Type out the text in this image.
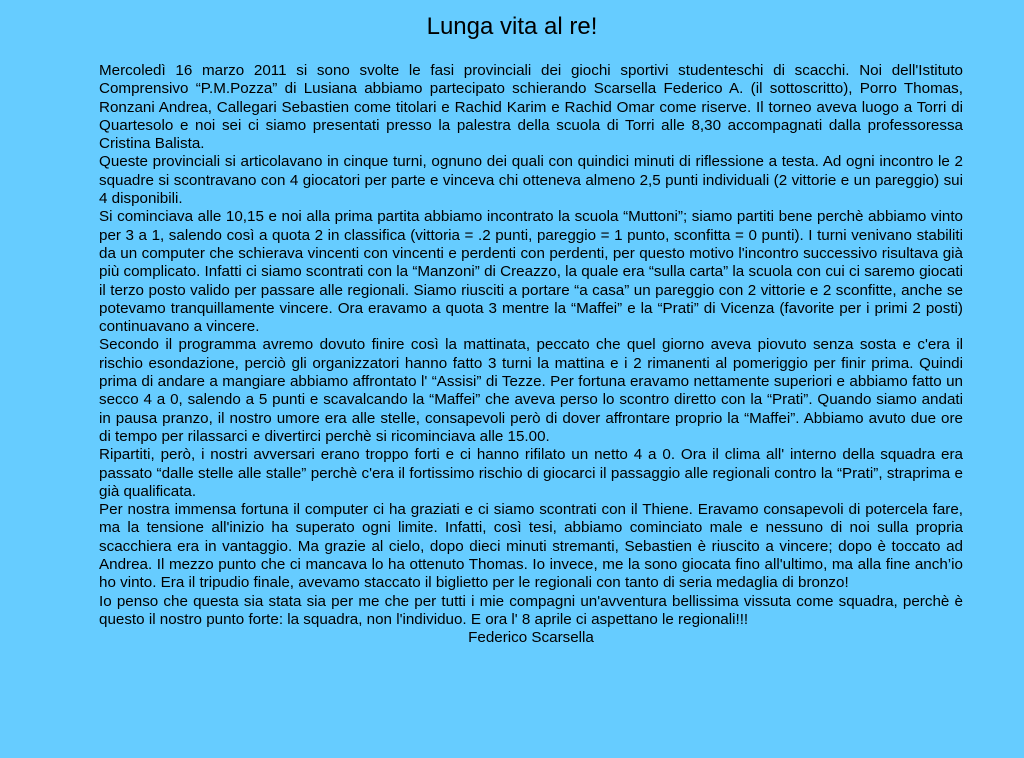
Lunga vita al re!

Mercoledì 16 marzo 2011 si sono svolte le fasi provinciali dei giochi sportivi studenteschi di scacchi. Noi dell'Istituto Comprensivo “P.M.Pozza” di Lusiana abbiamo partecipato schierando Scarsella Federico A. (il sottoscritto), Porro Thomas, Ronzani Andrea, Callegari Sebastien come titolari e Rachid Karim e Rachid Omar come riserve. Il torneo aveva luogo a Torri di Quartesolo e noi sei ci siamo presentati presso la palestra della scuola di Torri alle 8,30 accompagnati dalla professoressa Cristina Balista.

Queste provinciali si articolavano in cinque turni, ognuno dei quali con quindici minuti di riflessione a testa. Ad ogni incontro le 2 squadre si scontravano con 4 giocatori per parte e vinceva chi otteneva almeno 2,5 punti individuali (2 vittorie e un pareggio) sui 4 disponibili.

Si cominciava alle 10,15 e noi alla prima partita abbiamo incontrato la scuola “Muttoni”; siamo partiti bene perchè abbiamo vinto per 3 a 1, salendo così a quota 2 in classifica (vittoria = .2 punti, pareggio = 1 punto, sconfitta = 0 punti). I turni venivano stabiliti da un computer che schierava vincenti con vincenti e perdenti con perdenti, per questo motivo l'incontro successivo risultava già più complicato. Infatti ci siamo scontrati con la “Manzoni” di Creazzo, la quale era “sulla carta” la scuola con cui ci saremo giocati il terzo posto valido per passare alle regionali. Siamo riusciti a portare “a casa” un pareggio con 2 vittorie e 2 sconfitte, anche se potevamo tranquillamente vincere. Ora eravamo a quota 3 mentre la “Maffei” e la “Prati” di Vicenza (favorite per i primi 2 posti) continuavano a vincere.

Secondo il programma avremo dovuto finire così la mattinata, peccato che quel giorno aveva piovuto senza sosta e c'era il rischio esondazione, perciò gli organizzatori hanno fatto 3 turni la mattina e i 2 rimanenti al pomeriggio per finir prima. Quindi prima di andare a mangiare abbiamo affrontato l' “Assisi” di Tezze. Per fortuna eravamo nettamente superiori e abbiamo fatto un secco 4 a 0, salendo a 5 punti e scavalcando la “Maffei” che aveva perso lo scontro diretto con la “Prati”. Quando siamo andati in pausa pranzo, il nostro umore era alle stelle, consapevoli però di dover affrontare proprio la “Maffei”. Abbiamo avuto due ore di tempo per rilassarci e divertirci perchè si ricominciava alle 15.00.

Ripartiti, però, i nostri avversari erano troppo forti e ci hanno rifilato un netto 4 a 0. Ora il clima all' interno della squadra era passato “dalle stelle alle stalle” perchè c'era il fortissimo rischio di giocarci il passaggio alle regionali contro la “Prati”, straprima e già qualificata.

Per nostra immensa fortuna il computer ci ha graziati e ci siamo scontrati con il Thiene. Eravamo consapevoli di potercela fare, ma la tensione all'inizio ha superato ogni limite. Infatti, così tesi, abbiamo cominciato male e nessuno di noi sulla propria scacchiera era in vantaggio. Ma grazie al cielo, dopo dieci minuti stremanti, Sebastien è riuscito a vincere; dopo è toccato ad Andrea. Il mezzo punto che ci mancava lo ha ottenuto Thomas. Io invece, me la sono giocata fino all'ultimo, ma alla fine anch’io ho vinto. Era il tripudio finale, avevamo staccato il biglietto per le regionali con tanto di seria medaglia di bronzo!

Io penso che questa sia stata sia per me che per tutti i mie compagni un'avventura bellissima vissuta come squadra, perchè è questo il nostro punto forte: la squadra, non l'individuo. E ora l' 8 aprile ci aspettano le regionali!!!

Federico Scarsella
